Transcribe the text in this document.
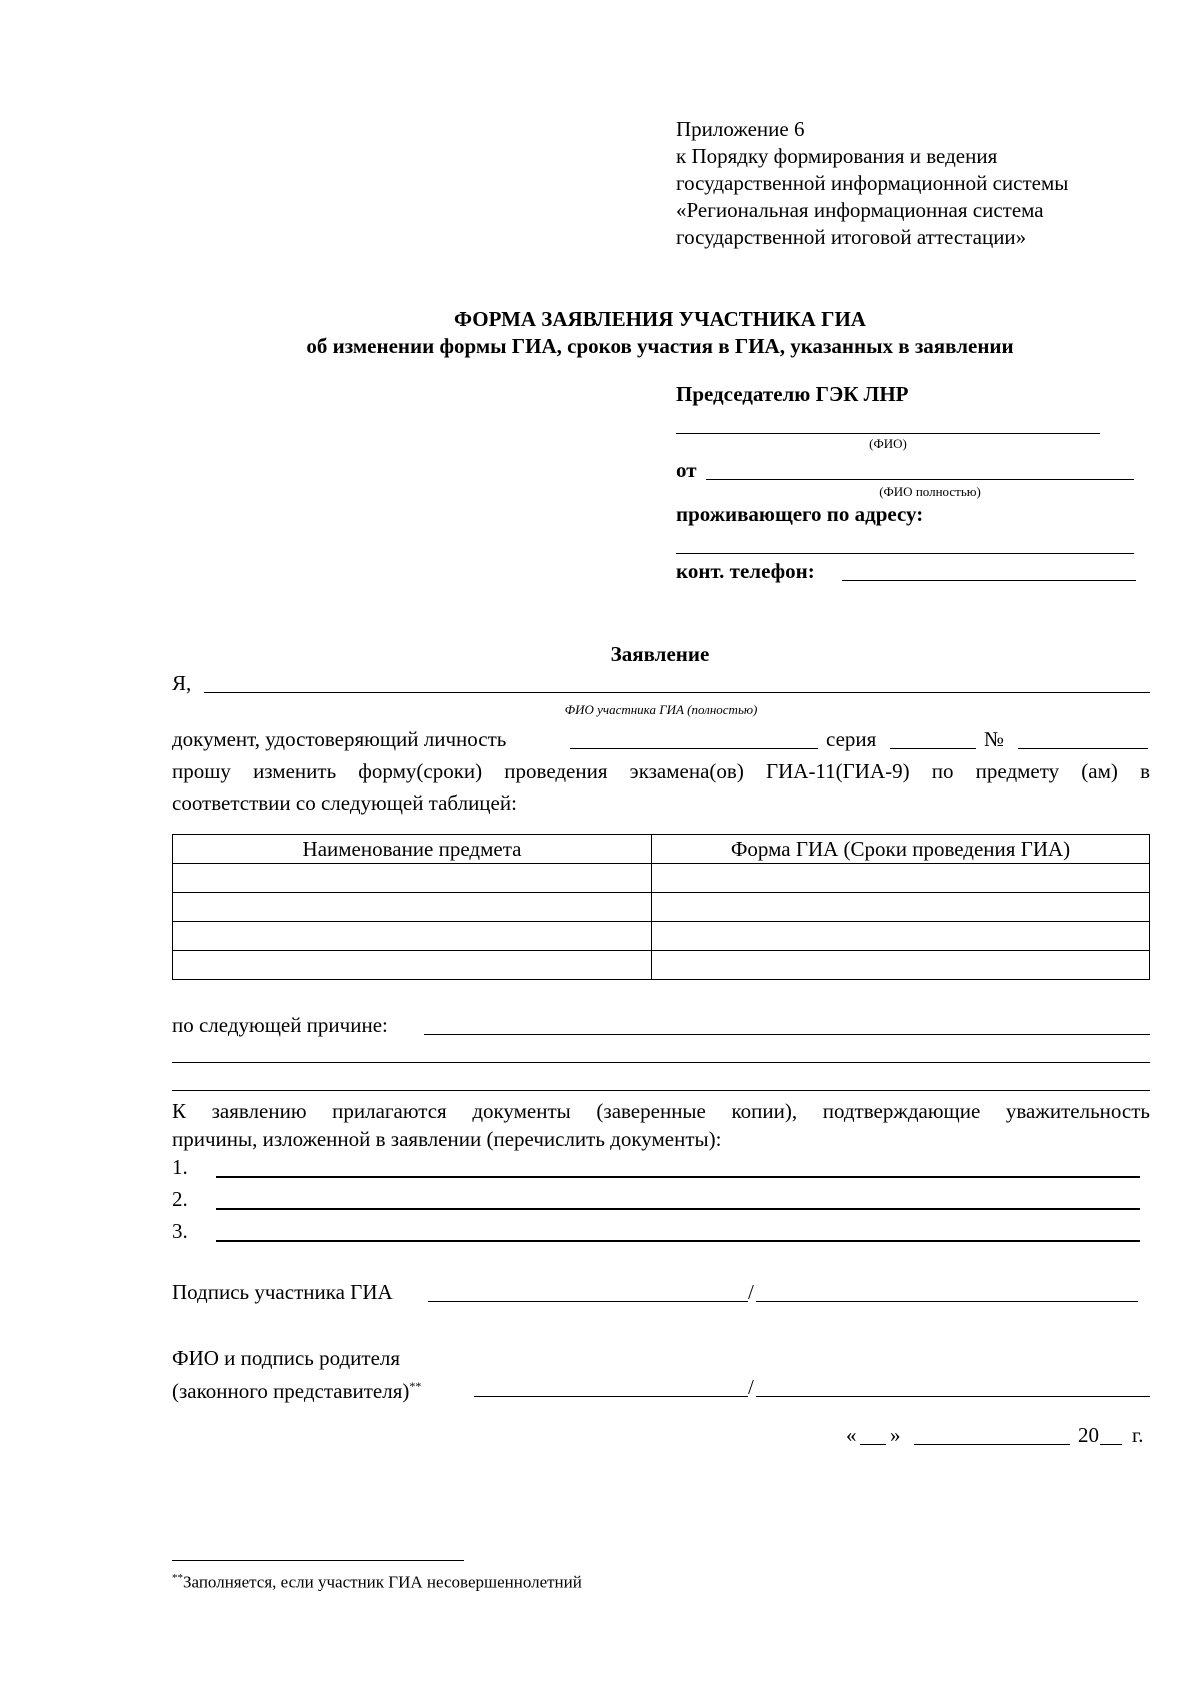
Приложение 6
к Порядку формирования и ведения
государственной информационной системы
«Региональная информационная система
государственной итоговой аттестации»
ФОРМА ЗАЯВЛЕНИЯ УЧАСТНИКА ГИА
об изменении формы ГИА, сроков участия в ГИА, указанных в заявлении
Председателю ГЭК ЛНР
(ФИО)
от
(ФИО полностью)
проживающего по адресу:
конт. телефон:
Заявление
Я,
ФИО участника ГИА (полностью)
документ, удостоверяющий личность	серия	№
прошу изменить форму(сроки) проведения экзамена(ов) ГИА-11(ГИА-9) по предмету (ам) в
соответствии со следующей таблицей:
Наименование предмета	Форма ГИА (Сроки проведения ГИА)

по следующей причине:
К заявлению прилагаются документы (заверенные копии), подтверждающие уважительность
причины, изложенной в заявлении (перечислить документы):
1.
2.
3.
Подпись участника ГИА	/
ФИО и подпись родителя
(законного представителя)**	/
« »	20 г.
**Заполняется, если участник ГИА несовершеннолетний
